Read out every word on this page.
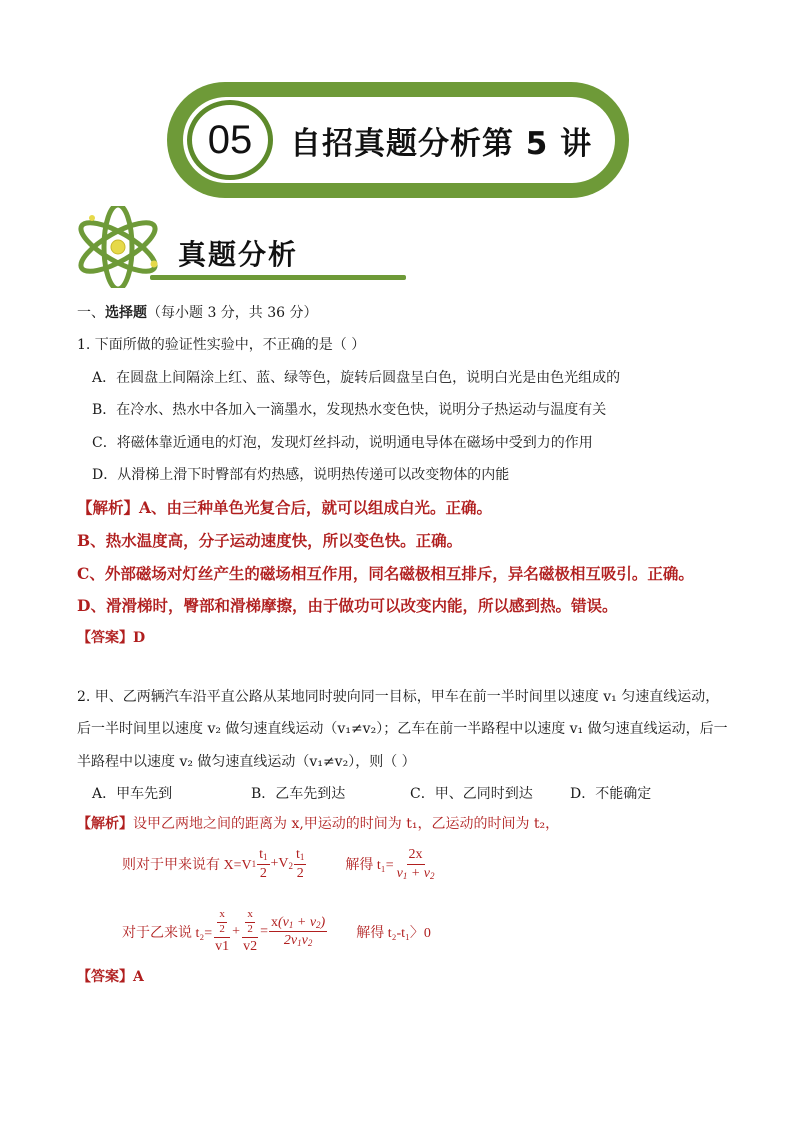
05 自招真题分析第 5 讲
真题分析
一、选择题（每小题 3 分，共 36 分）
1. 下面所做的验证性实验中，不正确的是（ ）
A．在圆盘上间隔涂上红、蓝、绿等色，旋转后圆盘呈白色，说明白光是由色光组成的
B．在冷水、热水中各加入一滴墨水，发现热水变色快，说明分子热运动与温度有关
C．将磁体靠近通电的灯泡，发现灯丝抖动，说明通电导体在磁场中受到力的作用
D．从滑梯上滑下时臀部有灼热感，说明热传递可以改变物体的内能
【解析】A、由三种单色光复合后，就可以组成白光。正确。
B、热水温度高，分子运动速度快，所以变色快。正确。
C、外部磁场对灯丝产生的磁场相互作用，同名磁极相互排斥，异名磁极相互吸引。正确。
D、滑滑梯时，臀部和滑梯摩擦，由于做功可以改变内能，所以感到热。错误。
【答案】D
2. 甲、乙两辆汽车沿平直公路从某地同时驶向同一目标，甲车在前一半时间里以速度 v₁ 匀速直线运动，
后一半时间里以速度 v₂ 做匀速直线运动（v₁≠v₂）；乙车在前一半路程中以速度 v₁ 做匀速直线运动，后一
半路程中以速度 v₂ 做匀速直线运动（v₁≠v₂），则（ ）
A．甲车先到	B．乙车先到达	C．甲、乙同时到达	D．不能确定
【解析】设甲乙两地之间的距离为 x,甲运动的时间为 t₁，乙运动的时间为 t₂，
则对于甲来说有 X=V $1 \frac{t_1}{2} +V_2 \frac{t_1}{2}$	解得 $t_1= \frac{2x}{v_1 + v_2}$
对于乙来说 $t_2= \frac{\frac{x}{2}}{v1} + \frac{\frac{x}{2}}{v2} = \frac{x(v_1 + v_2)}{2v_1v_2}$ 解得 t₂-t₁〉0
【答案】A
